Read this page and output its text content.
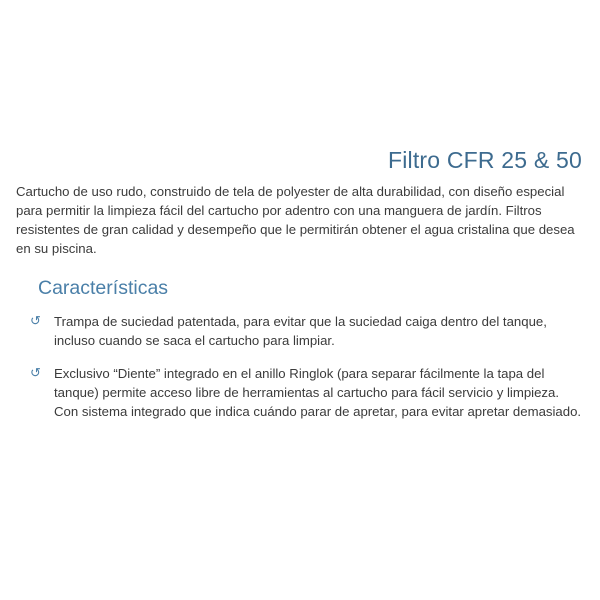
Filtro CFR 25 & 50

Cartucho de uso rudo, construido de tela de polyester de alta durabilidad, con diseño especial para permitir la limpieza fácil del cartucho por adentro con una manguera de jardín. Filtros resistentes de gran calidad y desempeño que le permitirán obtener el agua cristalina que desea en su piscina.

Características
↺ Trampa de suciedad patentada, para evitar que la suciedad caiga dentro del tanque, incluso cuando se saca el cartucho para limpiar.
↺ Exclusivo “Diente” integrado en el anillo Ringlok (para separar fácilmente la tapa del tanque) permite acceso libre de herramientas al cartucho para fácil servicio y limpieza. Con sistema integrado que indica cuándo parar de apretar, para evitar apretar demasiado.
